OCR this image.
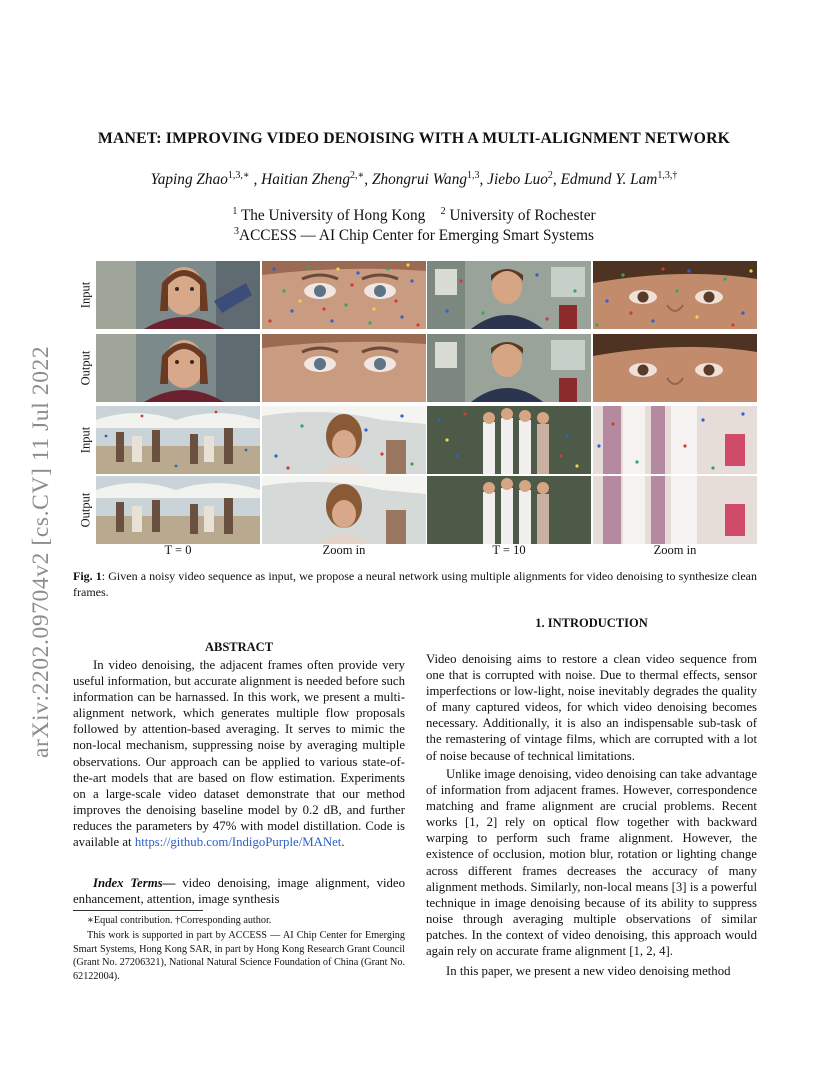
arXiv:2202.09704v2 [cs.CV] 11 Jul 2022
MANET: IMPROVING VIDEO DENOISING WITH A MULTI-ALIGNMENT NETWORK
Yaping Zhao$^{1,3,∗}$ , Haitian Zheng$^{2,∗}$, Zhongrui Wang$^{1,3}$, Jiebo Luo$^2$, Edmund Y. Lam$^{1,3,\dagger}$
$^1$ The University of Hong Kong $^2$ University of Rochester
$^3$ACCESS — AI Chip Center for Emerging Smart Systems
Input
Output
Input
Output
T = 0	Zoom in	T = 10	Zoom in
Fig. 1: Given a noisy video sequence as input, we propose a neural network using multiple alignments for video denoising to synthesize clean frames.
ABSTRACT
In video denoising, the adjacent frames often provide very useful information, but accurate alignment is needed before such information can be harnassed. In this work, we present a multi-alignment network, which generates multiple flow proposals followed by attention-based averaging. It serves to mimic the non-local mechanism, suppressing noise by averaging multiple observations. Our approach can be applied to various state-of-the-art models that are based on flow estimation. Experiments on a large-scale video dataset demonstrate that our method improves the denoising baseline model by 0.2 dB, and further reduces the parameters by 47% with model distillation. Code is available at https://github.com/IndigoPurple/MANet.
Index Terms— video denoising, image alignment, video enhancement, attention, image synthesis
∗Equal contribution. †Corresponding author.
This work is supported in part by ACCESS — AI Chip Center for Emerging Smart Systems, Hong Kong SAR, in part by Hong Kong Research Grant Council (Grant No. 27206321), National Natural Science Foundation of China (Grant No. 62122004).
1. INTRODUCTION
Video denoising aims to restore a clean video sequence from one that is corrupted with noise. Due to thermal effects, sensor imperfections or low-light, noise inevitably degrades the quality of many captured videos, for which video denoising becomes necessary. Additionally, it is also an indispensable sub-task of the remastering of vintage films, which are corrupted with a lot of noise because of technical limitations.
Unlike image denoising, video denoising can take advantage of information from adjacent frames. However, correspondence matching and frame alignment are crucial problems. Recent works [1, 2] rely on optical flow together with backward warping to perform such frame alignment. However, the existence of occlusion, motion blur, rotation or lighting change across different frames decreases the accuracy of many alignment methods. Similarly, non-local means [3] is a powerful technique in image denoising because of its ability to suppress noise through averaging multiple observations of similar patches. In the context of video denoising, this approach would again rely on accurate frame alignment [1, 2, 4].
In this paper, we present a new video denoising method
